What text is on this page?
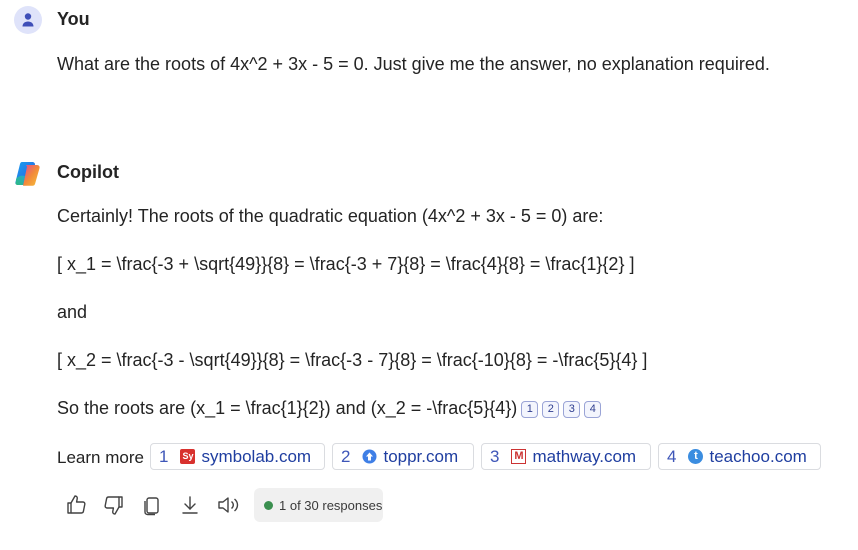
You
What are the roots of 4x^2 + 3x - 5 = 0. Just give me the answer, no explanation required.
Copilot
Certainly! The roots of the quadratic equation (4x^2 + 3x - 5 = 0) are:
[ x_1 = \frac{-3 + \sqrt{49}}{8} = \frac{-3 + 7}{8} = \frac{4}{8} = \frac{1}{2} ]
and
[ x_2 = \frac{-3 - \sqrt{49}}{8} = \frac{-3 - 7}{8} = \frac{-10}{8} = -\frac{5}{4} ]
So the roots are (x_1 = \frac{1}{2}) and (x_2 = -\frac{5}{4}) 1 2 3 4
Learn more 1 Sy symbolab.com 2 toppr.com 3 M mathway.com 4	t teachoo.com
1 of 30 responses
